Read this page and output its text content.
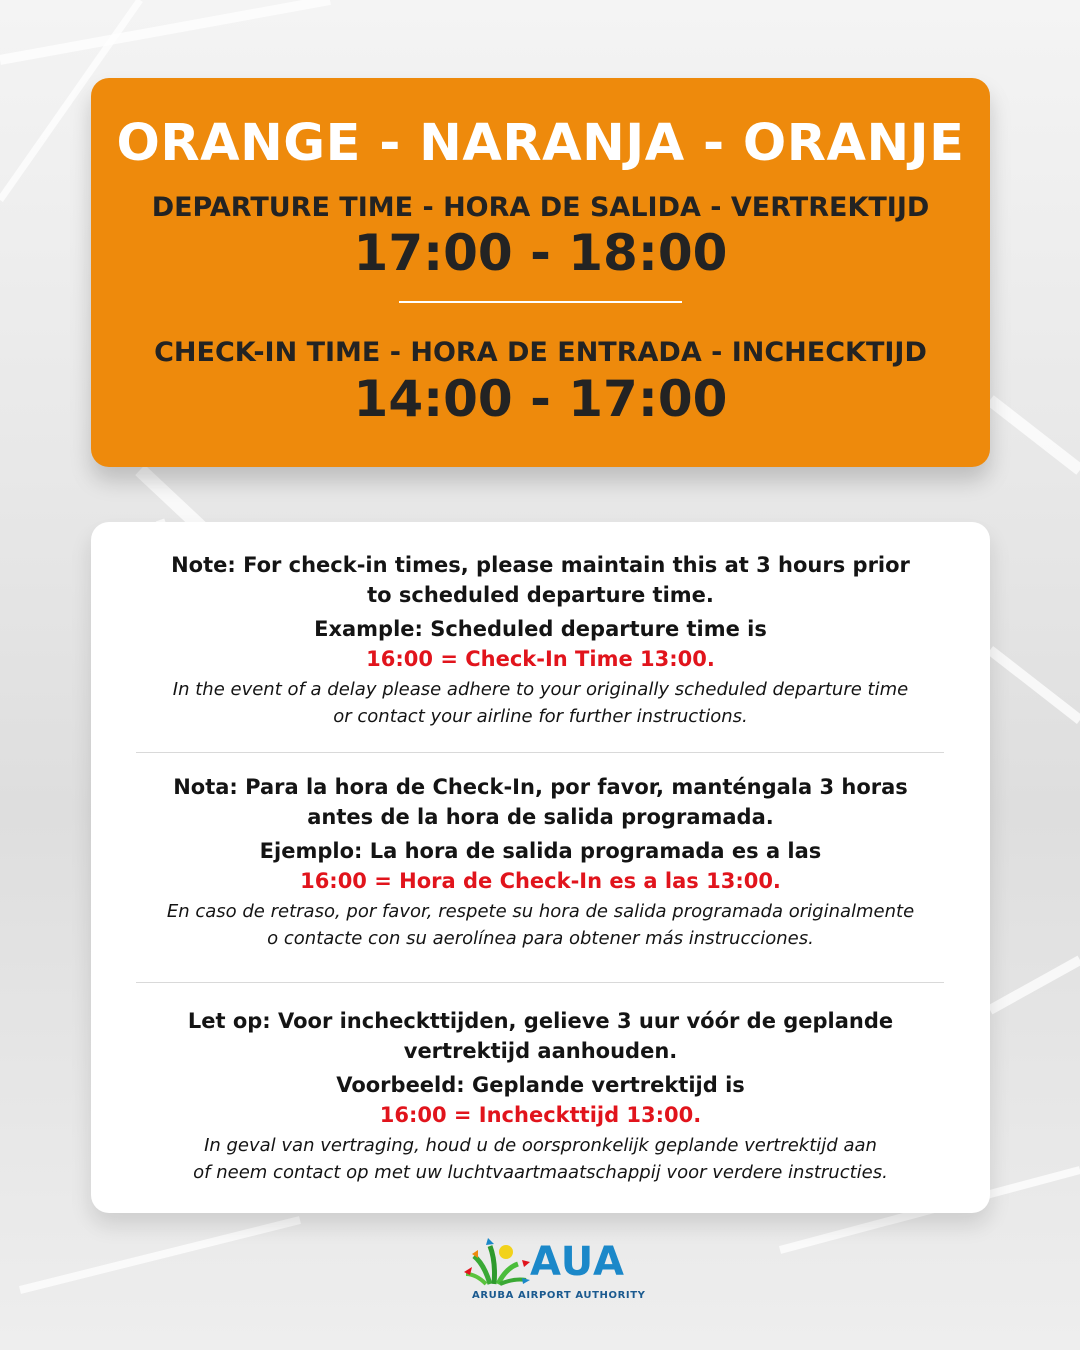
ORANGE - NARANJA - ORANJE
DEPARTURE TIME - HORA DE SALIDA - VERTREKTIJD
17:00 - 18:00
CHECK-IN TIME - HORA DE ENTRADA - INCHECKTIJD
14:00 - 17:00
Note: For check-in times, please maintain this at 3 hours prior
to scheduled departure time.
Example: Scheduled departure time is
16:00 = Check-In Time 13:00.
In the event of a delay please adhere to your originally scheduled departure time
or contact your airline for further instructions.
Nota: Para la hora de Check-In, por favor, manténgala 3 horas
antes de la hora de salida programada.
Ejemplo: La hora de salida programada es a las
16:00 = Hora de Check-In es a las 13:00.
En caso de retraso, por favor, respete su hora de salida programada originalmente
o contacte con su aerolínea para obtener más instrucciones.
Let op: Voor incheckttijden, gelieve 3 uur vóór de geplande
vertrektijd aanhouden.
Voorbeeld: Geplande vertrektijd is
16:00 = Incheckttijd 13:00.
In geval van vertraging, houd u de oorspronkelijk geplande vertrektijd aan
of neem contact op met uw luchtvaartmaatschappij voor verdere instructies.
AUA
ARUBA AIRPORT AUTHORITY
